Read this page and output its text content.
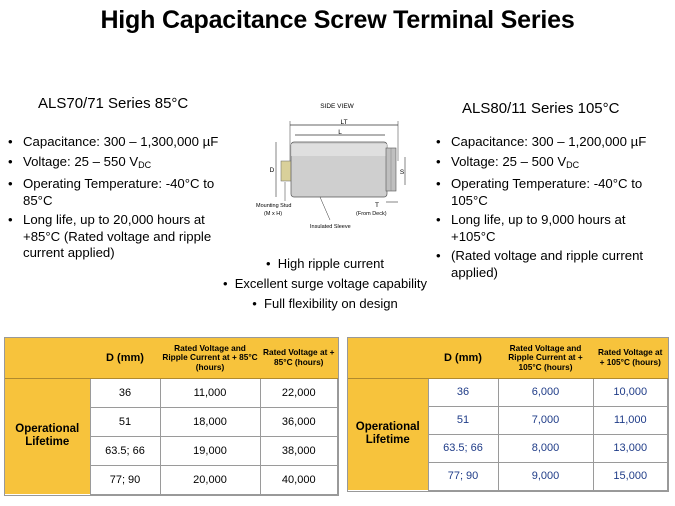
High Capacitance Screw Terminal Series
ALS70/71 Series 85°C
• Capacitance: 300 – 1,300,000 µF
• Voltage: 25 – 550 $V_{DC}$
• Operating Temperature: -40°C to 85°C
• Long life, up to 20,000 hours at +85°C (Rated voltage and ripple current applied)
ALS80/11 Series 105°C
• Capacitance: 300 – 1,200,000 µF
• Voltage: 25 – 500 $V_{DC}$
• Operating Temperature: -40°C to 105°C
• Long life, up to 9,000 hours at +105°C
• (Rated voltage and ripple current applied)
SIDE VIEW
LT
L
D	S
T
(From Deck)
Mounting Stud
(M x H)
Insulated Sleeve
•  High ripple current
•  Excellent surge voltage capability
•  Full flexibility on design
	D (mm)	Rated Voltage and Ripple Current at + 85°C (hours)	Rated Voltage at + 85°C (hours)
Operational Lifetime	36	11,000	22,000
	51	18,000	36,000
	63.5; 66	19,000	38,000
	77; 90	20,000	40,000
	D (mm)	Rated Voltage and Ripple Current at + 105°C (hours)	Rated Voltage at + 105°C (hours)
Operational Lifetime	36	6,000	10,000
	51	7,000	11,000
	63.5; 66	8,000	13,000
	77; 90	9,000	15,000
